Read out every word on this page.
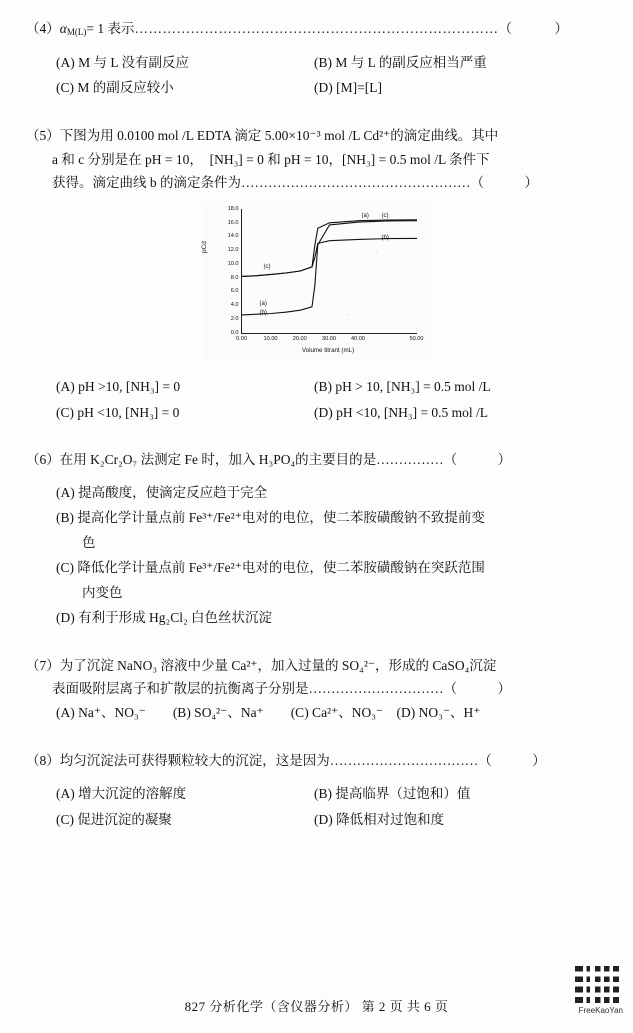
$(4)\alpha_{M(L)}= 1$ 表示……………………………………………………………………（	）
(A) M 与 L 没有副反应	(B) M 与 L 的副反应相当严重
(C) M 的副反应较小	(D) [M]=[L]
（5）下图为用 0.0100 mol /L EDTA 滴定 5.00×10⁻³ mol /L Cd²⁺的滴定曲线。其中
a 和 c 分别是在 pH = 10，　[NH₃] = 0 和 pH = 10，[NH₃] = 0.5 mol /L 条件下
获得。滴定曲线 b 的滴定条件为……………………………………………（　　　）
pCd
18.0
16.0
14.0
12.0
10.0
8.0
6.0
4.0
2.0
0.0
0.00	10.00	20.00	30.00	40.00	50.00
(a) (c)
(b)
(c)
(a)
(b)
Volume titrant (mL)
(A) pH >10, [NH₃] = 0	(B) pH > 10, [NH₃] = 0.5 mol /L
(C) pH <10, [NH₃] = 0	(D) pH <10, [NH₃] = 0.5 mol /L
（6）在用 K₂Cr₂O₇ 法测定 Fe 时，加入 H₃PO₄的主要目的是……………（　　　）
(A) 提高酸度，使滴定反应趋于完全
(B) 提高化学计量点前 Fe³⁺/Fe²⁺电对的电位，使二苯胺磺酸钠不致提前变
色
(C) 降低化学计量点前 Fe³⁺/Fe²⁺电对的电位，使二苯胺磺酸钠在突跃范围
内变色
(D) 有利于形成 Hg₂Cl₂ 白色丝状沉淀
（7）为了沉淀 NaNO₃ 溶液中少量 Ca²⁺，加入过量的 SO₄²⁻，形成的 CaSO₄沉淀
表面吸附层离子和扩散层的抗衡离子分别是…………………………（　　　）
(A) Na⁺、NO₃⁻　　(B) SO₄²⁻、Na⁺　　(C) Ca²⁺、NO₃⁻　(D) NO₃⁻、H⁺
（8）均匀沉淀法可获得颗粒较大的沉淀，这是因为……………………………（　　　）
(A) 增大沉淀的溶解度	(B) 提高临界（过饱和）值
(C) 促进沉淀的凝聚	(D) 降低相对过饱和度
827 分析化学（含仪器分析） 第 2 页 共 6 页	FreeKaoYan
